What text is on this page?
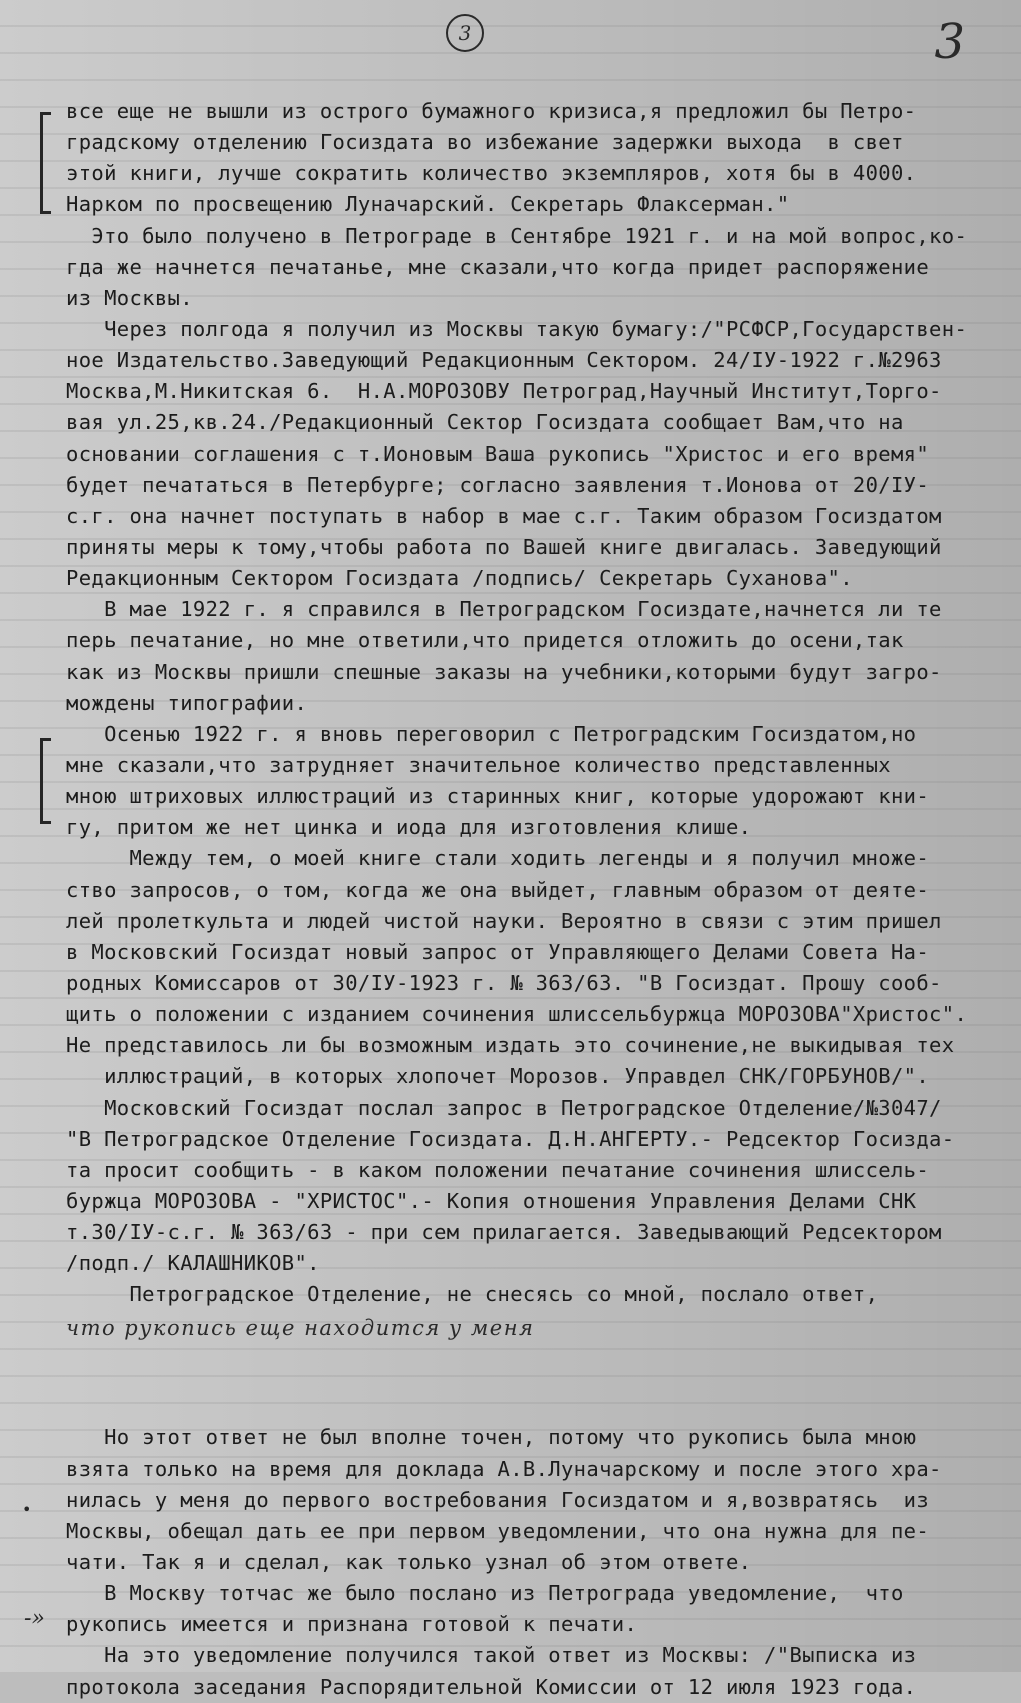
3	3
•
-»

все еще не вышли из острого бумажного кризиса,я предложил бы Петро-

градскому отделению Госиздата во избежание задержки выхода  в свет

этой книги, лучше сократить количество экземпляров, хотя бы в 4000.

Нарком по просвещению Луначарский. Секретарь Флаксерман."

Это было получено в Петрограде в Сентябре 1921 г. и на мой вопрос,ко-

гда же начнется печатанье, мне сказали,что когда придет распоряжение

из Москвы.

Через полгода я получил из Москвы такую бумагу:/"РСФСР,Государствен-

ное Издательство.Заведующий Редакционным Сектором. 24/IУ-1922 г.№2963

Москва,М.Никитская 6.  Н.А.МОРОЗОВУ Петроград,Научный Институт,Торго-

вая ул.25,кв.24./Редакционный Сектор Госиздата сообщает Вам,что на

основании соглашения с т.Ионовым Ваша рукопись "Христос и его время"

будет печататься в Петербурге; согласно заявления т.Ионова от 20/IУ-

с.г. она начнет поступать в набор в мае с.г. Таким образом Госиздатом

приняты меры к тому,чтобы работа по Вашей книге двигалаcь. Заведующий

Редакционным Сектором Госиздата /подпись/ Секретарь Суханова".

В мае 1922 г. я справился в Петроградском Госиздате,начнется ли те

перь печатание, но мне ответили,что придется отложить до осени,так

как из Москвы пришли спешные заказы на учебники,которыми будут загро-

мождены типографии.

Осенью 1922 г. я вновь переговорил с Петроградским Госиздатом,но

мне сказали,что затрудняет значительное количество представленных

мною штриховых иллюстраций из старинных книг, которые удорожают кни-

гу, притом же нет цинка и иода для изготовления клише.

Между тем, о моей книге стали ходить легенды и я получил множе-

ство запросов, о том, когда же она выйдет, главным образом от деяте-

лей пролеткульта и людей чистой науки. Вероятно в связи с этим пришел

в Московский Госиздат новый запрос от Управляющего Делами Совета На-

родных Комиссаров от 30/IУ-1923 г. № 363/63. "В Госиздат. Прошу сооб-

щить о положении с изданием сочинения шлиссельбуржца МОРОЗОВА"Христос".

Не представилось ли бы возможным издать это сочинение,не выкидывая тех

иллюстраций, в которых хлопочет Морозов. Управдел СНК/ГОРБУНОВ/".

Московский Госиздат послал запрос в Петроградское Отделение/№3047/

"В Петроградское Отделение Госиздата. Д.Н.АНГЕРТУ.- Редсектор Госизда-

та просит сообщить - в каком положении печатание сочинения шлиссель-

буржца МОРОЗОВА - "ХРИСТОС".- Копия отношения Управления Делами СНК

т.30/IУ-с.г. № 363/63 - при сем прилагается. Заведывающий Редсектором

/подп./ КАЛАШНИКОВ".

Петроградское Отделение, не снесясь со мной, послало ответ,

что рукопись еще находится у меня

Но этот ответ не был вполне точен, потому что рукопись была мною

взята только на время для доклада А.В.Луначарскому и после этого хра-

нилась у меня до первого востребования Госиздатом и я,возвратясь  из

Москвы, обещал дать ее при первом уведомлении, что она нужна для пе-

чати. Так я и сделал, как только узнал об этом ответе.

В Москву тотчас же было послано из Петрограда уведомление,  что

рукопись имеется и признана готовой к печати.

На это уведомление получился такой ответ из Москвы: /"Выписка из

протокола заседания Распорядительной Комиссии от 12 июля 1923 года.
